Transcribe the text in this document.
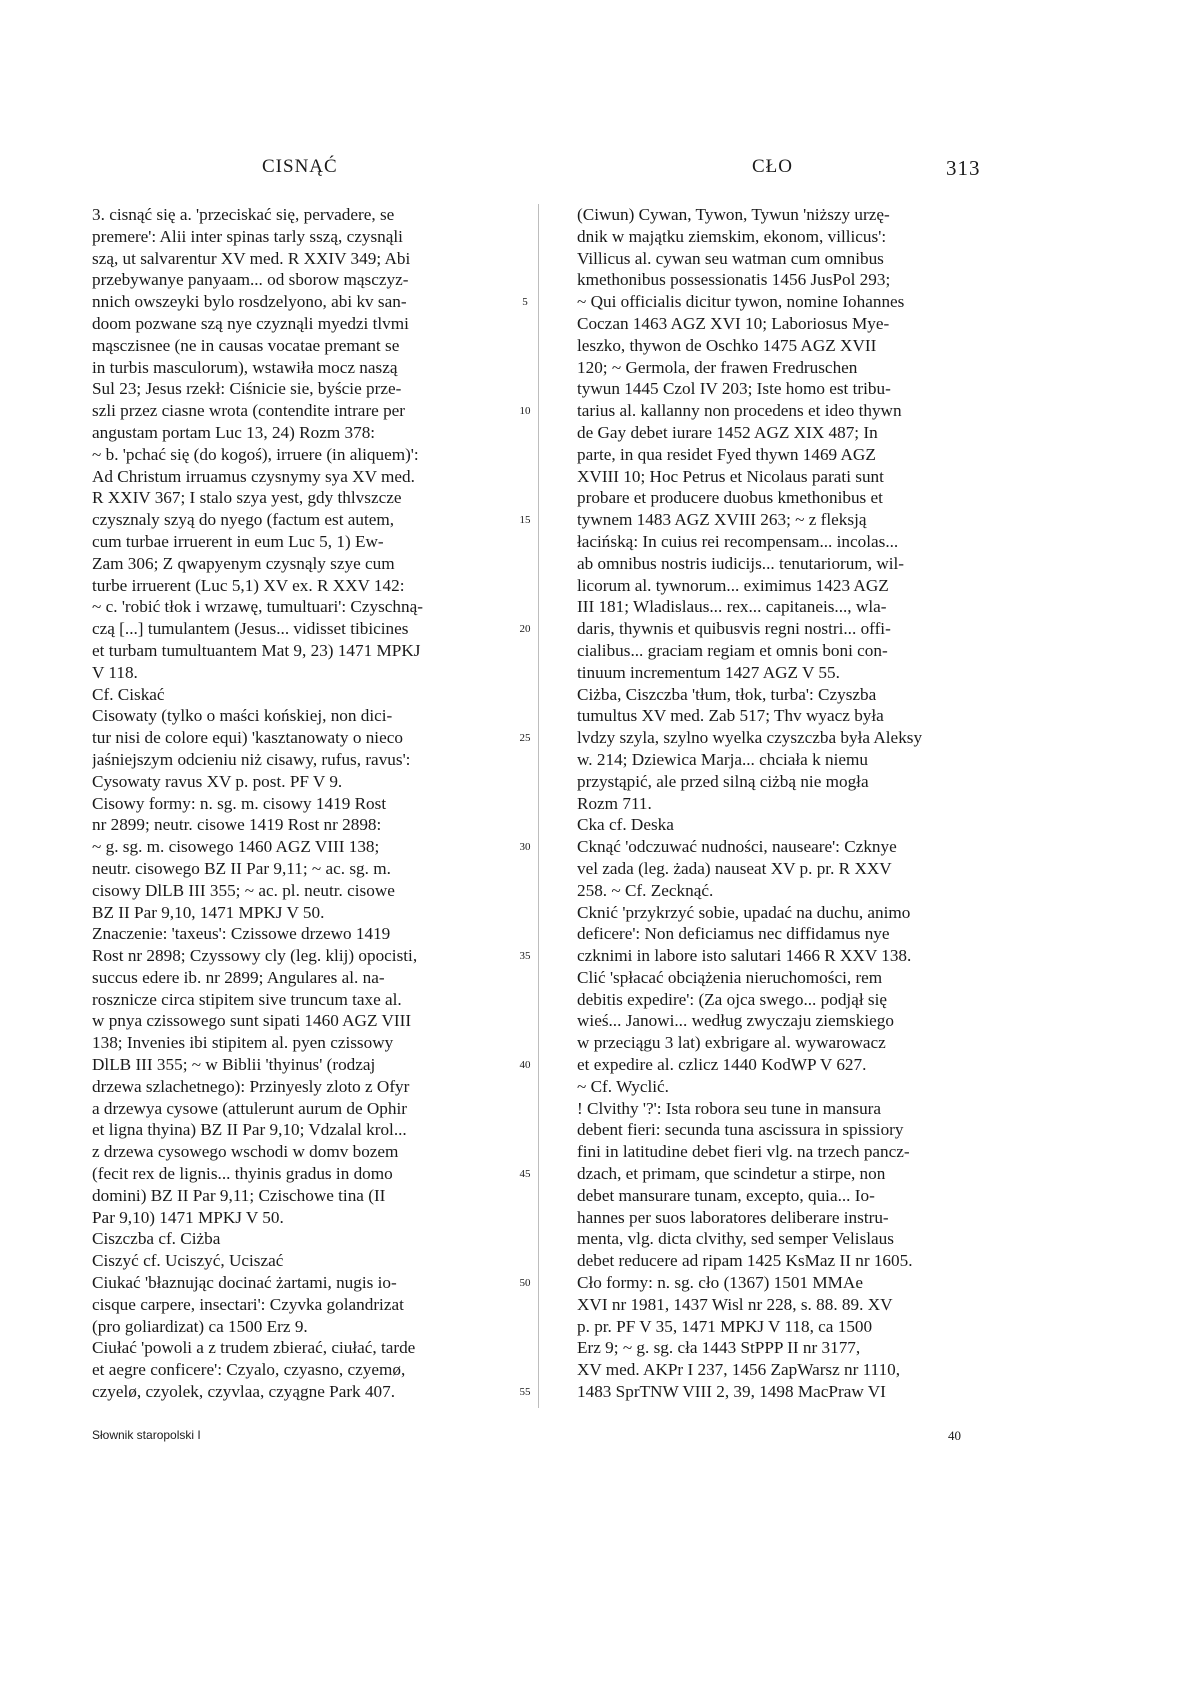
CISNĄĆ	CŁO	313
3. cisnąć się a. 'przeciskać się, pervadere, se
premere': Alii inter spinas tarly sszą, czysnąli
szą, ut salvarentur XV med. R XXIV 349; Abi
przebywanye panyaam... od sborow mąsczyz-
nnich owszeyki bylo rosdzelyono, abi kv san-
doom pozwane szą nye czyznąli myedzi tlvmi
mąsczisnee (ne in causas vocatae premant se
in turbis masculorum), wstawiła mocz naszą
Sul 23; Jesus rzekł: Ciśnicie sie, byście prze-
szli przez ciasne wrota (contendite intrare per
angustam portam Luc 13, 24) Rozm 378:
~ b. 'pchać się (do kogoś), irruere (in aliquem)':
Ad Christum irruamus czysnymy sya XV med.
R XXIV 367; I stalo szya yest, gdy thlvszcze
czysznaly szyą do nyego (factum est autem,
cum turbae irruerent in eum Luc 5, 1) Ew-
Zam 306; Z qwapyenym czysnąly szye cum
turbe irruerent (Luc 5,1) XV ex. R XXV 142:
~ c. 'robić tłok i wrzawę, tumultuari': Czyschną-
czą [...] tumulantem (Jesus... vidisset tibicines
et turbam tumultuantem Mat 9, 23) 1471 MPKJ
V 118.
Cf. Ciskać
Cisowaty (tylko o maści końskiej, non dici-
tur nisi de colore equi) 'kasztanowaty o nieco
jaśniejszym odcieniu niż cisawy, rufus, ravus':
Cysowaty ravus XV p. post. PF V 9.
Cisowy formy: n. sg. m. cisowy 1419 Rost
nr 2899; neutr. cisowe 1419 Rost nr 2898:
~ g. sg. m. cisowego 1460 AGZ VIII 138;
neutr. cisowego BZ II Par 9,11; ~ ac. sg. m.
cisowy DlLB III 355; ~ ac. pl. neutr. cisowe
BZ II Par 9,10, 1471 MPKJ V 50.
Znaczenie: 'taxeus': Czissowe drzewo 1419
Rost nr 2898; Czyssowy cly (leg. klij) opocisti,
succus edere ib. nr 2899; Angulares al. na-
rosznicze circa stipitem sive truncum taxe al.
w pnya czissowego sunt sipati 1460 AGZ VIII
138; Invenies ibi stipitem al. pyen czissowy
DlLB III 355; ~ w Biblii 'thyinus' (rodzaj
drzewa szlachetnego): Przinyesly zloto z Ofyr
a drzewya cysowe (attulerunt aurum de Ophir
et ligna thyina) BZ II Par 9,10; Vdzalal krol...
z drzewa cysowego wschodi w domv bozem
(fecit rex de lignis... thyinis gradus in domo
domini) BZ II Par 9,11; Czischowe tina (II
Par 9,10) 1471 MPKJ V 50.
Ciszczba cf. Ciżba
Ciszyć cf. Uciszyć, Uciszać
Ciukać 'błaznując docinać żartami, nugis io-
cisque carpere, insectari': Czyvka golandrizat
(pro goliardizat) ca 1500 Erz 9.
Ciułać 'powoli a z trudem zbierać, ciułać, tarde
et aegre conficere': Czyalo, czyasno, czyemø,
czyelø, czyolek, czyvlaa, czyągne Park 407.
5
10
15
20
25
30
35
40
45
50
55
(Ciwun) Cywan, Tywon, Tywun 'niższy urzę-
dnik w majątku ziemskim, ekonom, villicus':
Villicus al. cywan seu watman cum omnibus
kmethonibus possessionatis 1456 JusPol 293;
~ Qui officialis dicitur tywon, nomine Iohannes
Coczan 1463 AGZ XVI 10; Laboriosus Mye-
leszko, thywon de Oschko 1475 AGZ XVII
120; ~ Germola, der frawen Fredruschen
tywun 1445 Czol IV 203; Iste homo est tribu-
tarius al. kallanny non procedens et ideo thywn
de Gay debet iurare 1452 AGZ XIX 487; In
parte, in qua residet Fyed thywn 1469 AGZ
XVIII 10; Hoc Petrus et Nicolaus parati sunt
probare et producere duobus kmethonibus et
tywnem 1483 AGZ XVIII 263; ~ z fleksją
łacińską: In cuius rei recompensam... incolas...
ab omnibus nostris iudicijs... tenutariorum, wil-
licorum al. tywnorum... eximimus 1423 AGZ
III 181; Wladislaus... rex... capitaneis..., wla-
daris, thywnis et quibusvis regni nostri... offi-
cialibus... graciam regiam et omnis boni con-
tinuum incrementum 1427 AGZ V 55.
Ciżba, Ciszczba 'tłum, tłok, turba': Czyszba
tumultus XV med. Zab 517; Thv wyacz była
lvdzy szyla, szylno wyelka czyszczba była Aleksy
w. 214; Dziewica Marja... chciała k niemu
przystąpić, ale przed silną ciżbą nie mogła
Rozm 711.
Cka cf. Deska
Cknąć 'odczuwać nudności, nauseare': Czknye
vel zada (leg. żada) nauseat XV p. pr. R XXV
258. ~ Cf. Zecknąć.
Cknić 'przykrzyć sobie, upadać na duchu, animo
deficere': Non deficiamus nec diffidamus nye
czknimi in labore isto salutari 1466 R XXV 138.
Clić 'spłacać obciążenia nieruchomości, rem
debitis expedire': (Za ojca swego... podjął się
wieś... Janowi... według zwyczaju ziemskiego
w przeciągu 3 lat) exbrigare al. wywarowacz
et expedire al. czlicz 1440 KodWP V 627.
~ Cf. Wyclić.
! Clvithy '?': Ista robora seu tune in mansura
debent fieri: secunda tuna ascissura in spissiory
fini in latitudine debet fieri vlg. na trzech pancz-
dzach, et primam, que scindetur a stirpe, non
debet mansurare tunam, excepto, quia... Io-
hannes per suos laboratores deliberare instru-
menta, vlg. dicta clvithy, sed semper Velislaus
debet reducere ad ripam 1425 KsMaz II nr 1605.
Cło formy: n. sg. cło (1367) 1501 MMAe
XVI nr 1981, 1437 Wisl nr 228, s. 88. 89. XV
p. pr. PF V 35, 1471 MPKJ V 118, ca 1500
Erz 9; ~ g. sg. cła 1443 StPPP II nr 3177,
XV med. AKPr I 237, 1456 ZapWarsz nr 1110,
1483 SprTNW VIII 2, 39, 1498 MacPraw VI
Słownik staropolski I	40
